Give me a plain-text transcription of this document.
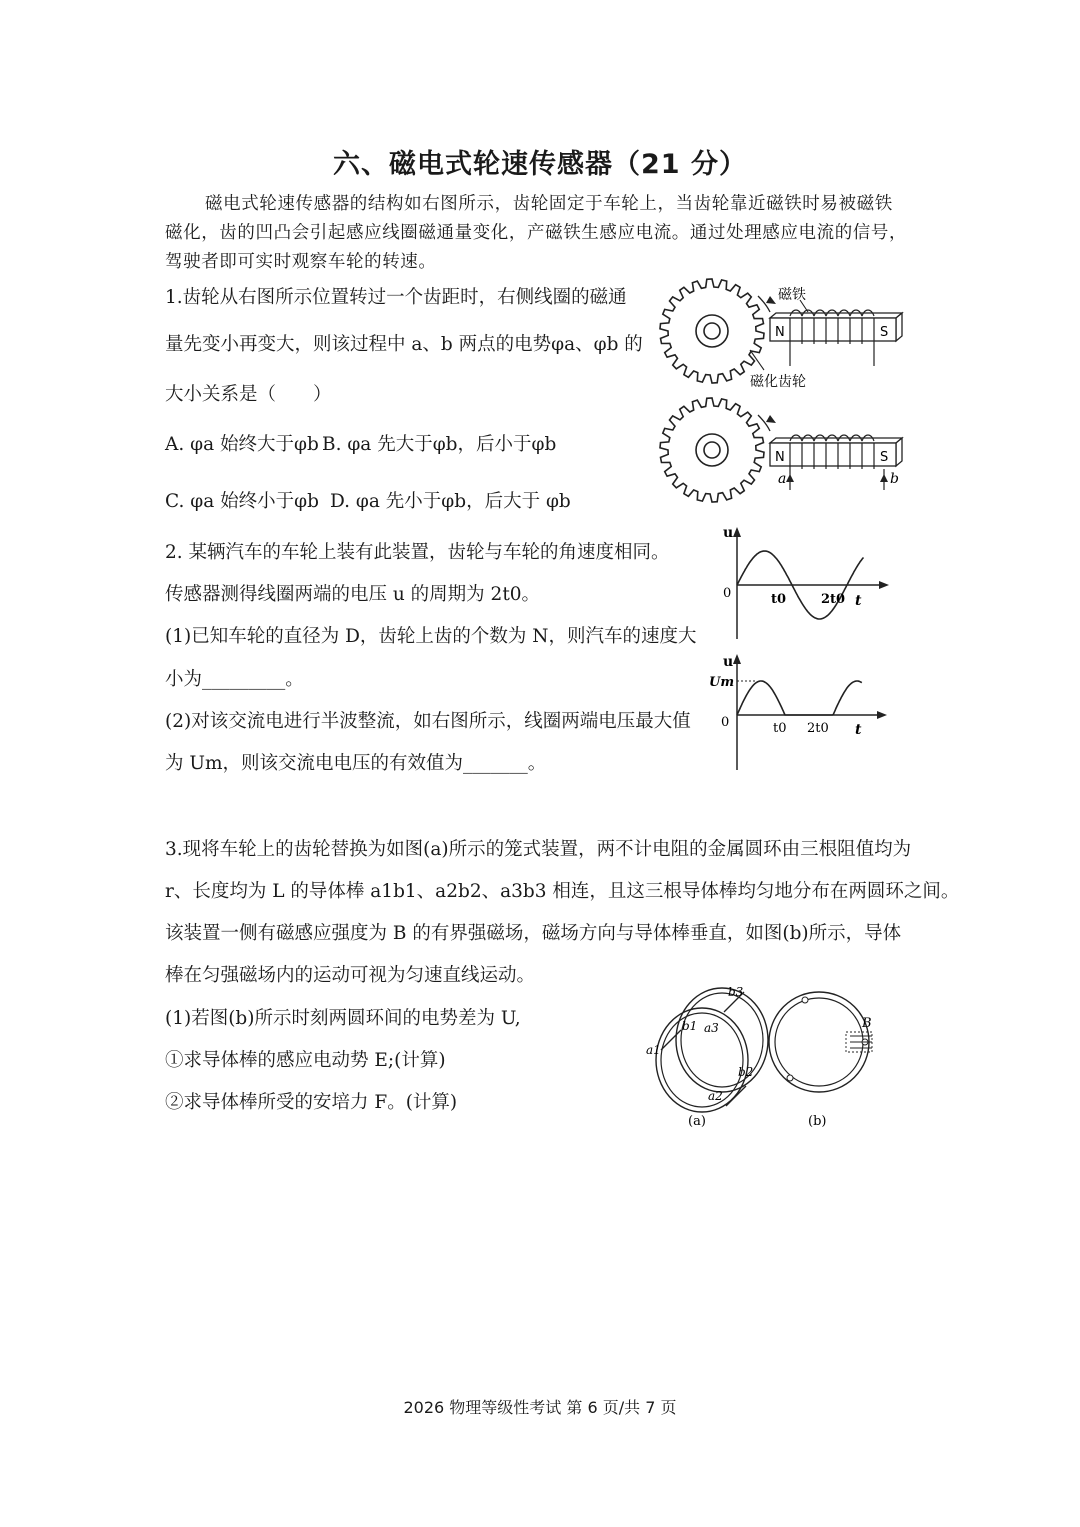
六、磁电式轮速传感器（21 分）
磁电式轮速传感器的结构如右图所示，齿轮固定于车轮上，当齿轮靠近磁铁时易被磁铁
磁化，齿的凹凸会引起感应线圈磁通量变化，产磁铁生感应电流。通过处理感应电流的信号，
驾驶者即可实时观察车轮的转速。
1.齿轮从右图所示位置转过一个齿距时，右侧线圈的磁通
量先变小再变大，则该过程中 a、b 两点的电势φa、φb 的
大小关系是（　　）
A. φa 始终大于φb B. φa 先大于φb，后小于φb
C. φa 始终小于φb D. φa 先小于φb，后大于 φb
2. 某辆汽车的车轮上装有此装置，齿轮与车轮的角速度相同。
传感器测得线圈两端的电压 u 的周期为 2t0。
(1)已知车轮的直径为 D，齿轮上齿的个数为 N，则汽车的速度大
小为_________。
(2)对该交流电进行半波整流，如右图所示，线圈两端电压最大值
为 Um，则该交流电电压的有效值为_______。
3.现将车轮上的齿轮替换为如图(a)所示的笼式装置，两不计电阻的金属圆环由三根阻值均为
r、长度均为 L 的导体棒 a1b1、a2b2、a3b3 相连，且这三根导体棒均匀地分布在两圆环之间。
该装置一侧有磁感应强度为 B 的有界强磁场，磁场方向与导体棒垂直，如图(b)所示，导体
棒在匀强磁场内的运动可视为匀速直线运动。
(1)若图(b)所示时刻两圆环间的电势差为 U,
①求导体棒的感应电动势 E;(计算)
②求导体棒所受的安培力 F。(计算)
N	S
磁铁
磁化齿轮
N	S
a	b
u
0	t0	2t0 t
u
Um
0	t0 2t0 t
a1
a2
a3
b1
b2
b3
(a)
B
(b)
2026 物理等级性考试 第 6 页/共 7 页
